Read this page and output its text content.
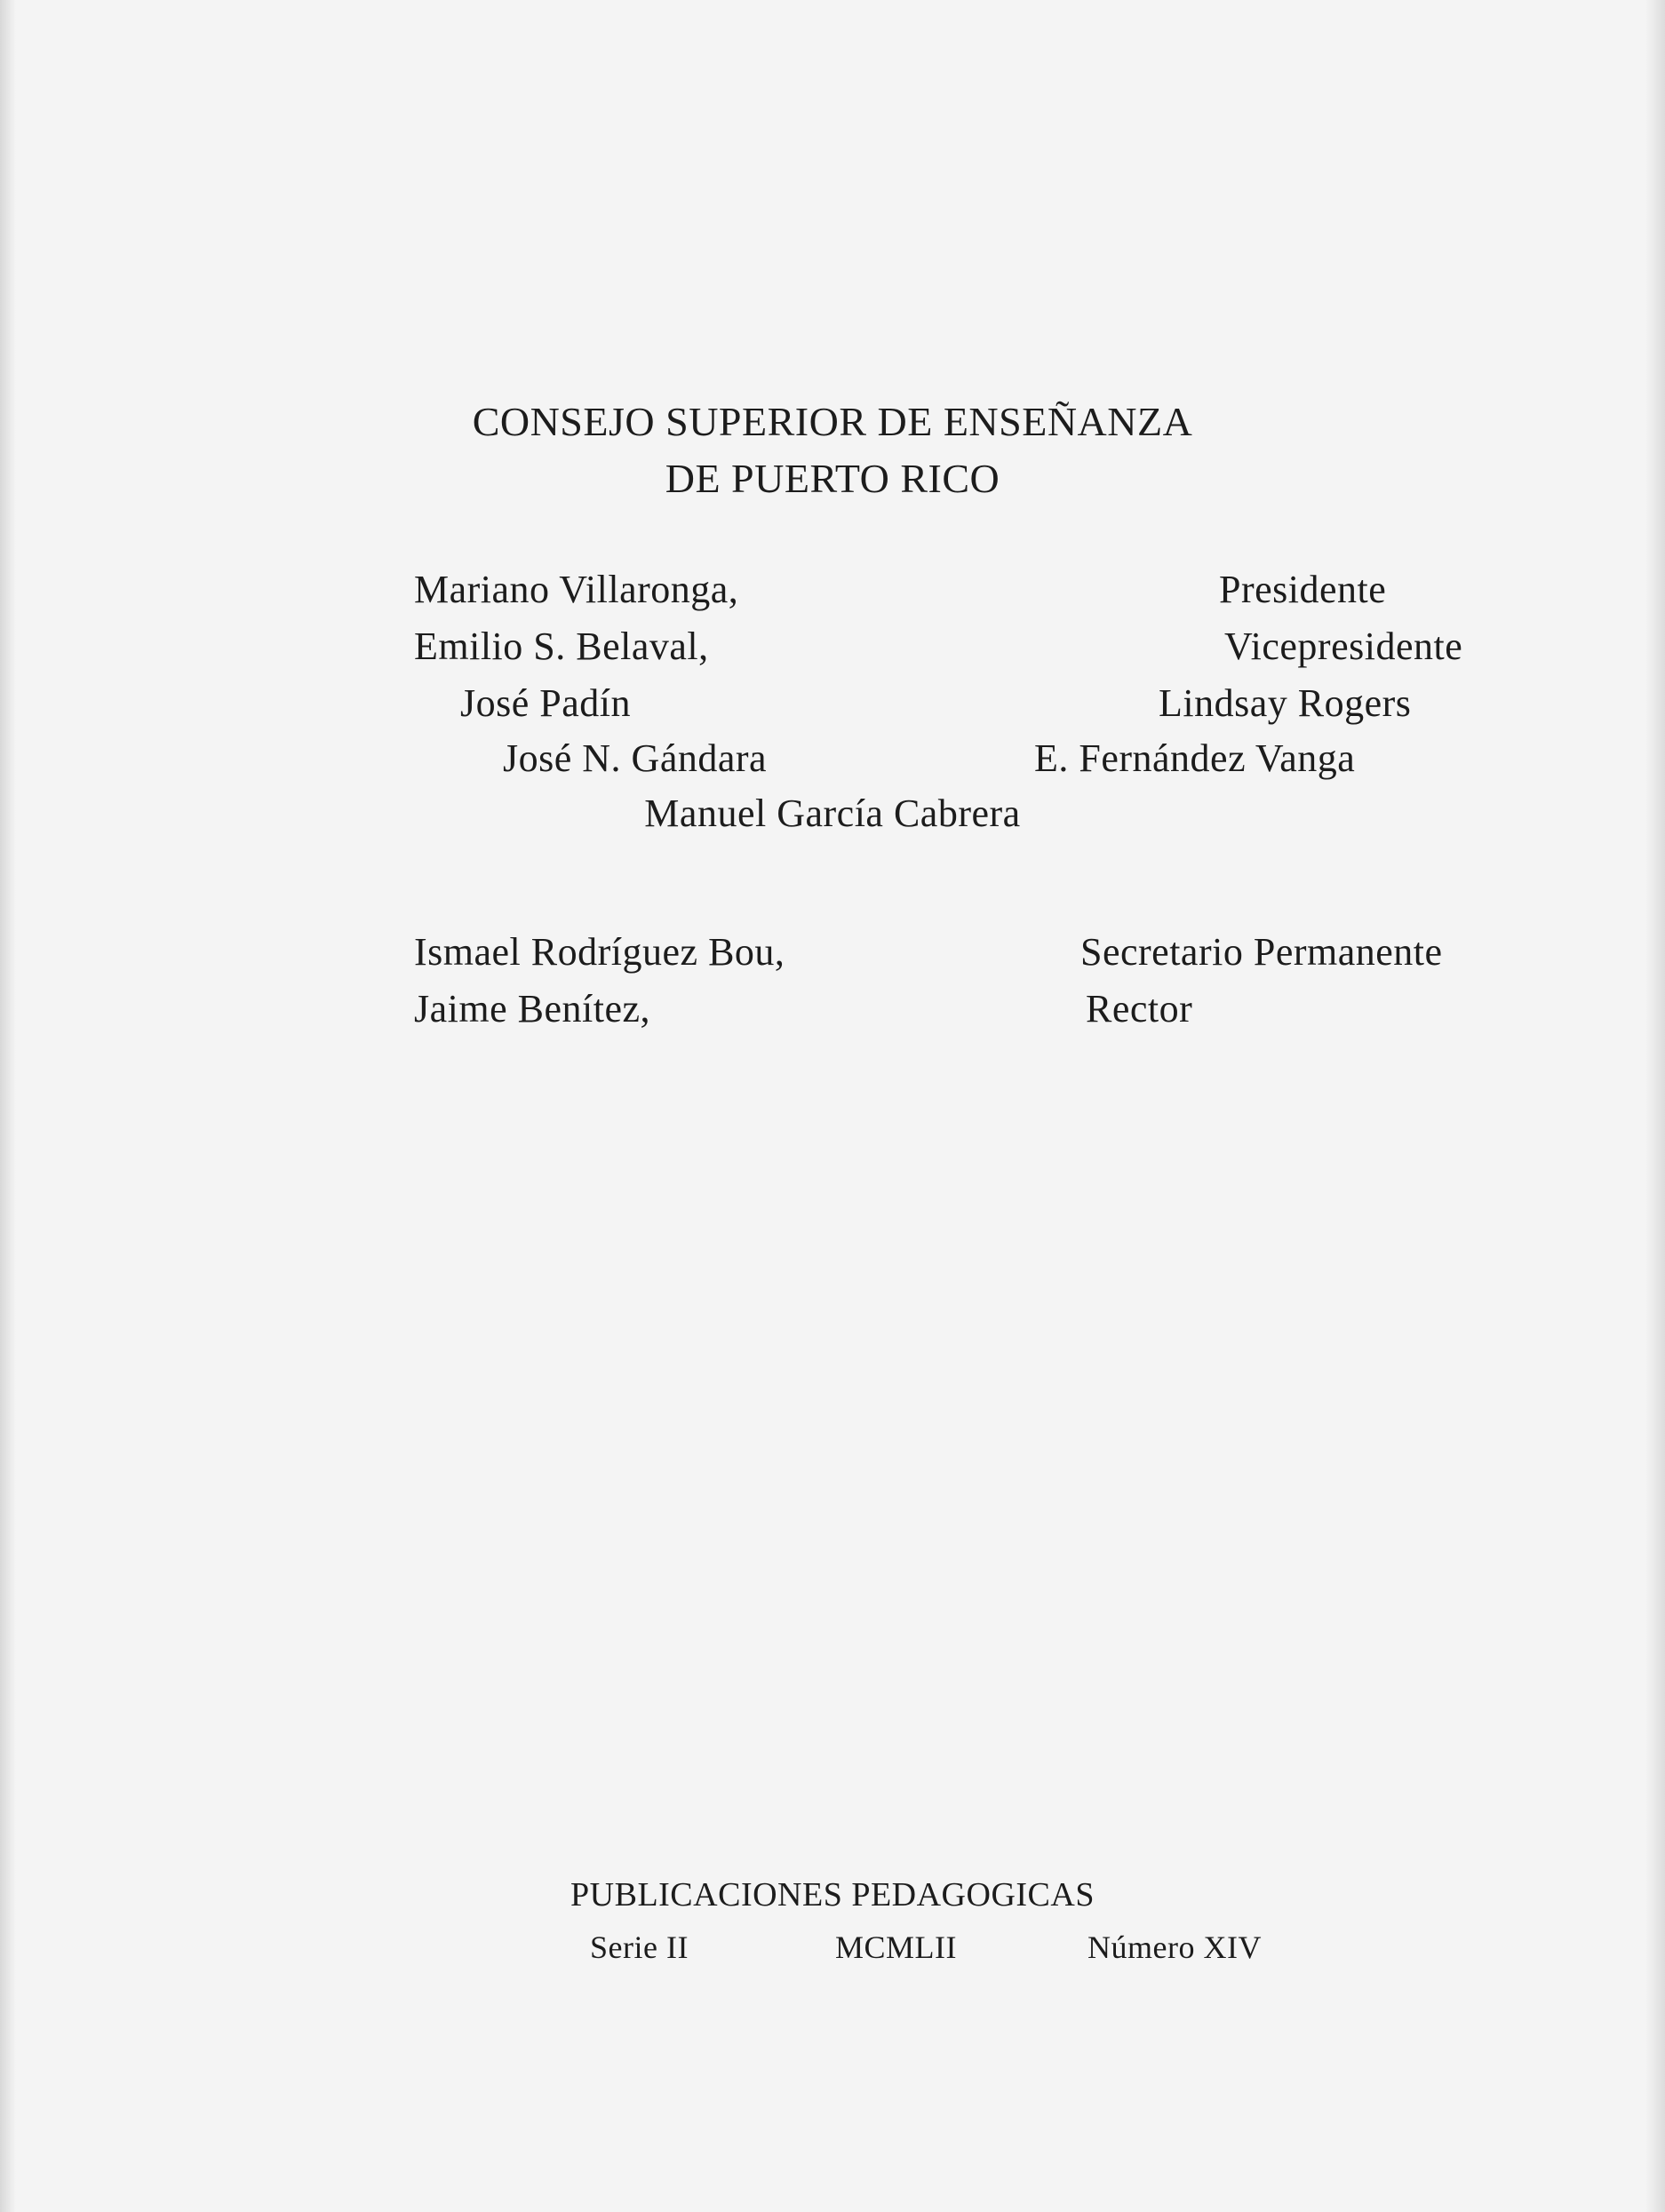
CONSEJO SUPERIOR DE ENSEÑANZA
DE PUERTO RICO
Mariano Villaronga,	Presidente
Emilio S. Belaval,	Vicepresidente
José Padín	Lindsay Rogers
José N. Gándara	E. Fernández Vanga
Manuel García Cabrera
Ismael Rodríguez Bou,	Secretario Permanente
Jaime Benítez,	Rector
PUBLICACIONES PEDAGOGICAS
Serie II	MCMLII	Número XIV
